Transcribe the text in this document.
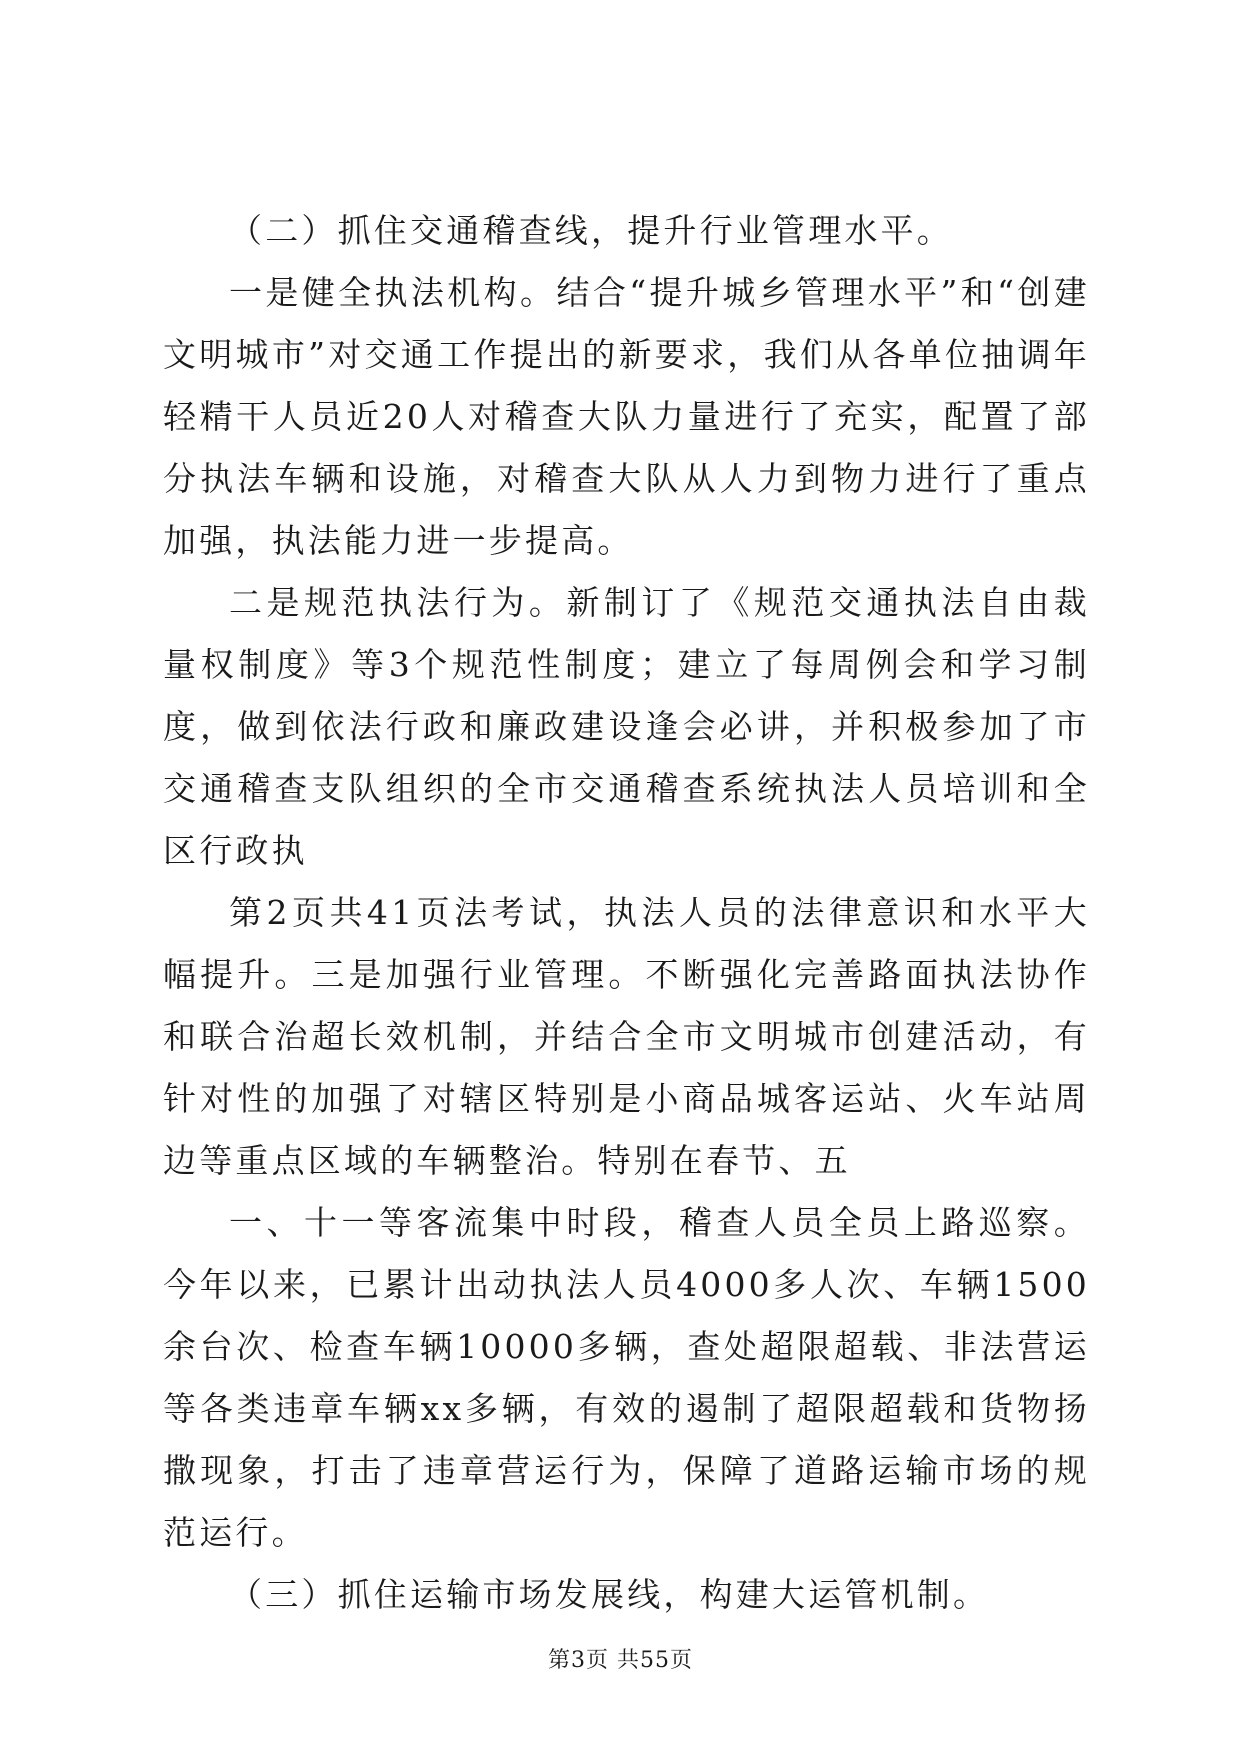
（二）抓住交通稽查线，提升行业管理水平。

一是健全执法机构。结合“提升城乡管理水平”和“创建文明城市”对交通工作提出的新要求，我们从各单位抽调年轻精干人员近20人对稽查大队力量进行了充实，配置了部分执法车辆和设施，对稽查大队从人力到物力进行了重点加强，执法能力进一步提高。

二是规范执法行为。新制订了《规范交通执法自由裁量权制度》等3个规范性制度；建立了每周例会和学习制度，做到依法行政和廉政建设逢会必讲，并积极参加了市交通稽查支队组织的全市交通稽查系统执法人员培训和全区行政执

第2页共41页法考试，执法人员的法律意识和水平大幅提升。三是加强行业管理。不断强化完善路面执法协作和联合治超长效机制，并结合全市文明城市创建活动，有针对性的加强了对辖区特别是小商品城客运站、火车站周边等重点区域的车辆整治。特别在春节、五

一、十一等客流集中时段，稽查人员全员上路巡察。今年以来，已累计出动执法人员4000多人次、车辆1500余台次、检查车辆10000多辆，查处超限超载、非法营运等各类违章车辆xx多辆，有效的遏制了超限超载和货物扬撒现象，打击了违章营运行为，保障了道路运输市场的规范运行。

（三）抓住运输市场发展线，构建大运管机制。

第3页 共55页
